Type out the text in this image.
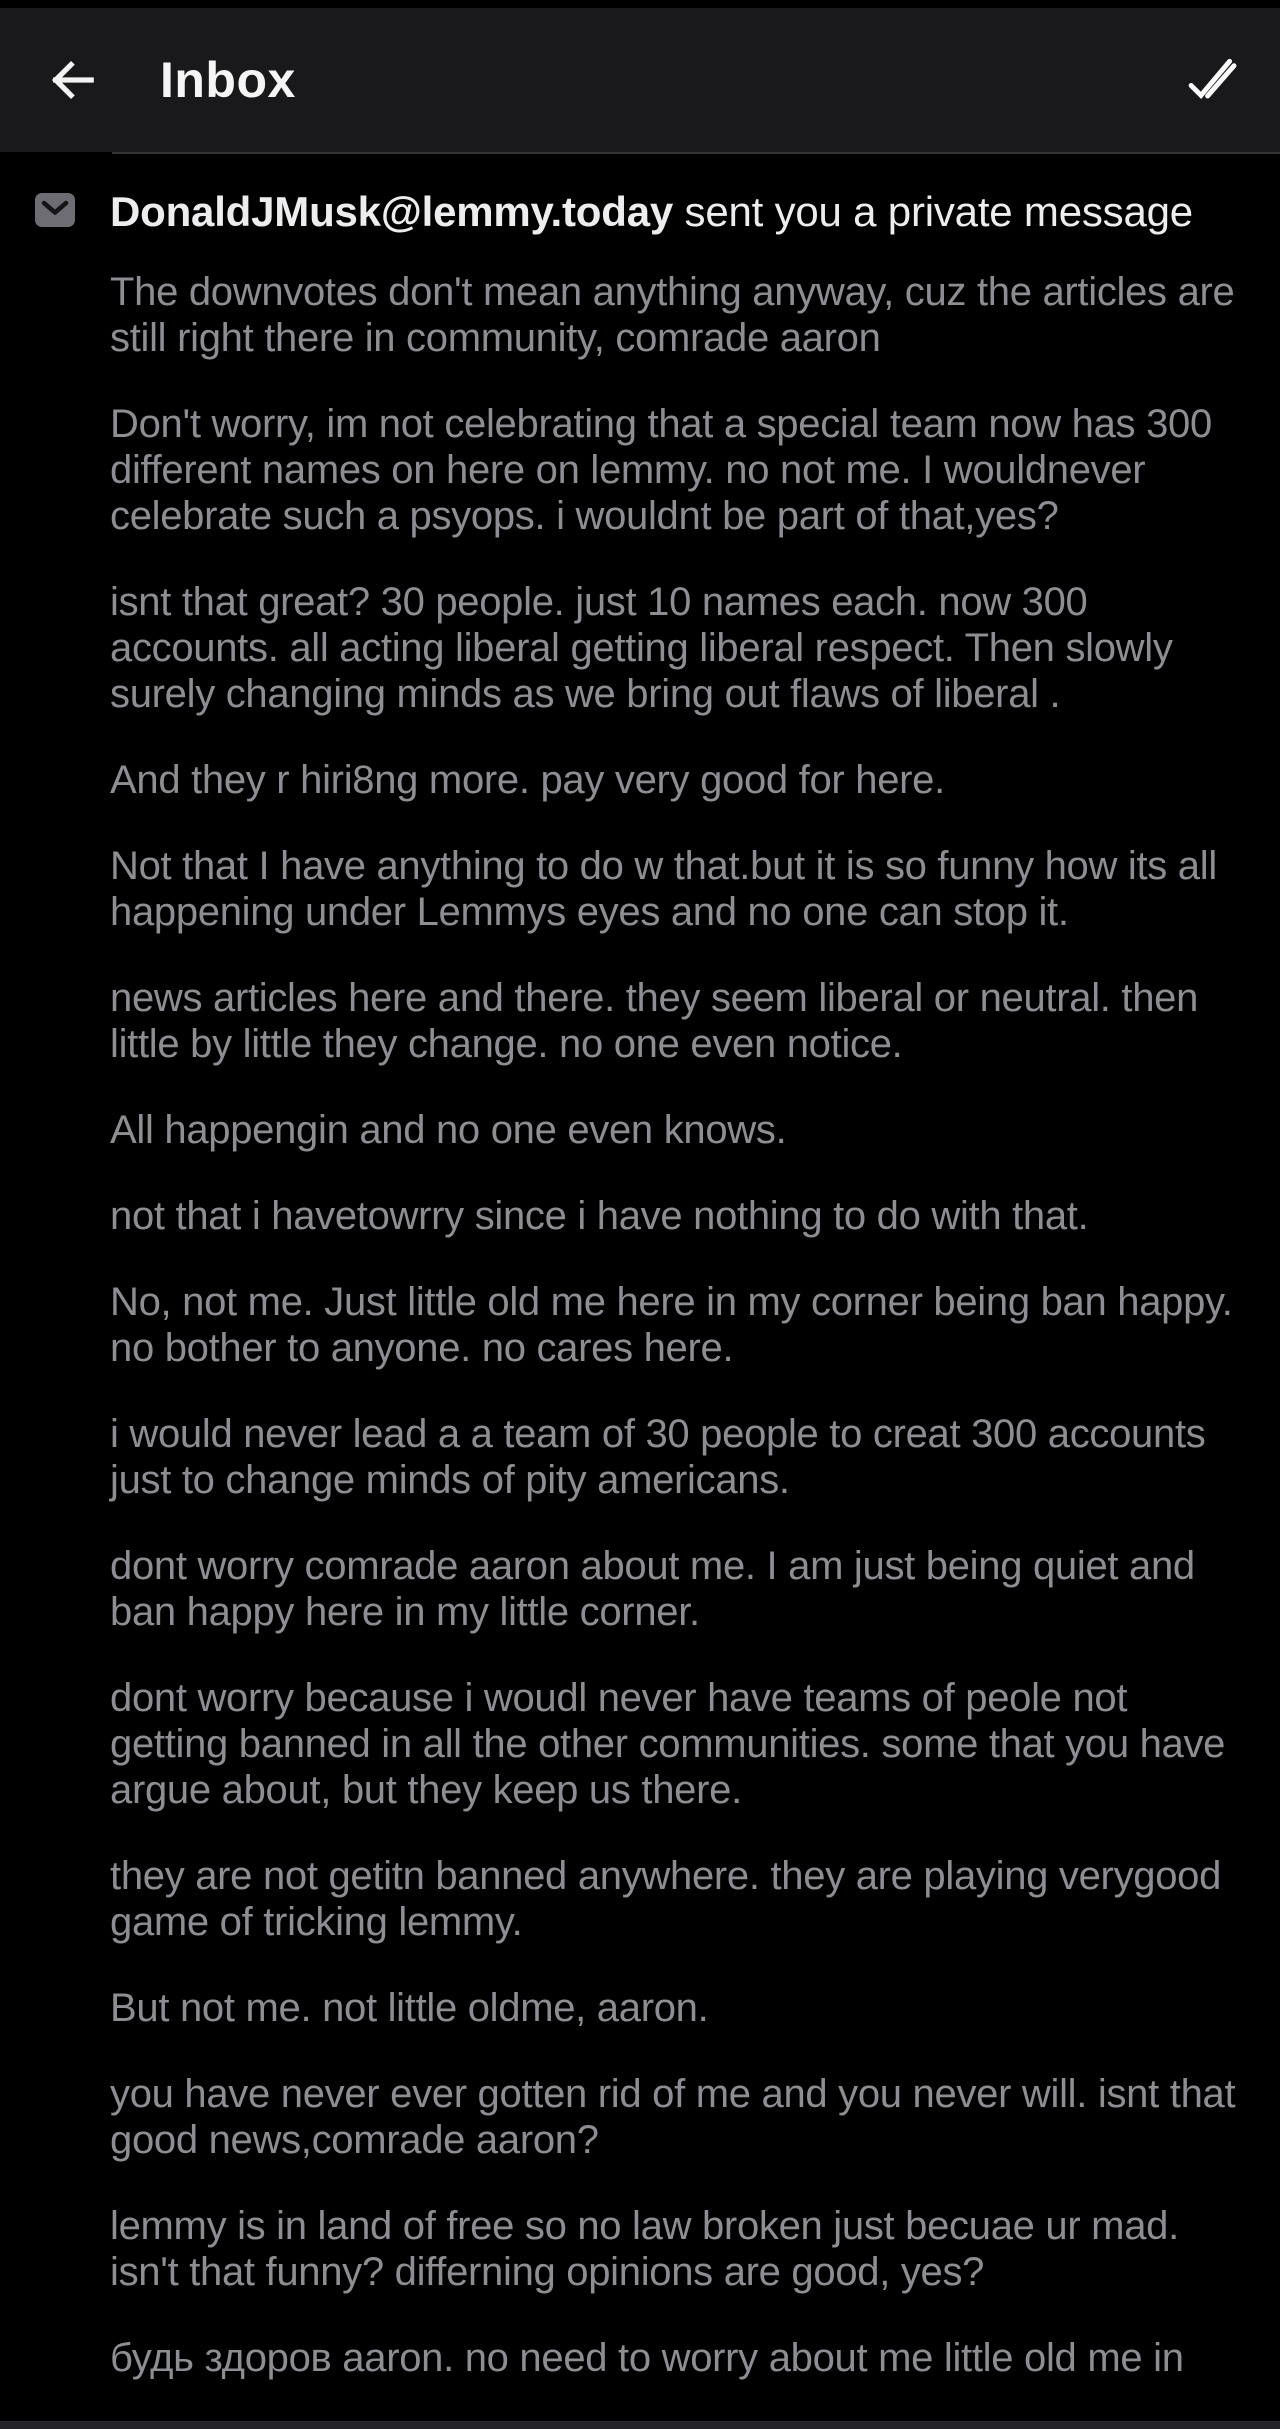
Inbox
DonaldJMusk@lemmy.today sent you a private message

The downvotes don't mean anything anyway, cuz the articles are still right there in community, comrade aaron

Don't worry, im not celebrating that a special team now has 300 different names on here on lemmy. no not me. I wouldnever celebrate such a psyops. i wouldnt be part of that,yes?

isnt that great? 30 people. just 10 names each. now 300 accounts. all acting liberal getting liberal respect. Then slowly surely changing minds as we bring out flaws of liberal .

And they r hiri8ng more. pay very good for here.

Not that I have anything to do w that.but it is so funny how its all happening under Lemmys eyes and no one can stop it.

news articles here and there. they seem liberal or neutral. then little by little they change. no one even notice.

All happengin and no one even knows.

not that i havetowrry since i have nothing to do with that.

No, not me. Just little old me here in my corner being ban happy. no bother to anyone. no cares here.

i would never lead a a team of 30 people to creat 300 accounts just to change minds of pity americans.

dont worry comrade aaron about me. I am just being quiet and ban happy here in my little corner.

dont worry because i woudl never have teams of peole not getting banned in all the other communities. some that you have argue about, but they keep us there.

they are not getitn banned anywhere. they are playing verygood game of tricking lemmy.

But not me. not little oldme, aaron.

you have never ever gotten rid of me and you never will. isnt that good news,comrade aaron?

lemmy is in land of free so no law broken just becuae ur mad. isn't that funny? differning opinions are good, yes?

будь здоров aaron. no need to worry about me little old me in
